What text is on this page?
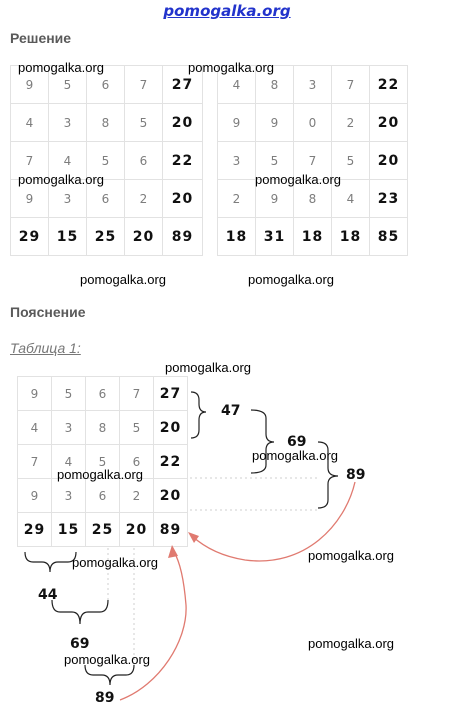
pomogalka.org
Решение
9	5	6	7	27
4	3	8	5	20
7	4	5	6	22
9	3	6	2	20
29	15	25	20	89
4	8	3	7	22
9	9	0	2	20
3	5	7	5	20
2	9	8	4	23
18	31	18	18	85
Пояснение
Таблица 1:
9	5	6	7	27
4	3	8	5	20
7	4	5	6	22
9	3	6	2	20
29	15	25	20	89
47
69
89
44
69
89
pomogalka.org	pomogalka.org
pomogalka.org	pomogalka.org
pomogalka.org	pomogalka.org
pomogalka.org
pomogalka.org
pomogalka.org
pomogalka.org	pomogalka.org
pomogalka.org
pomogalka.org
